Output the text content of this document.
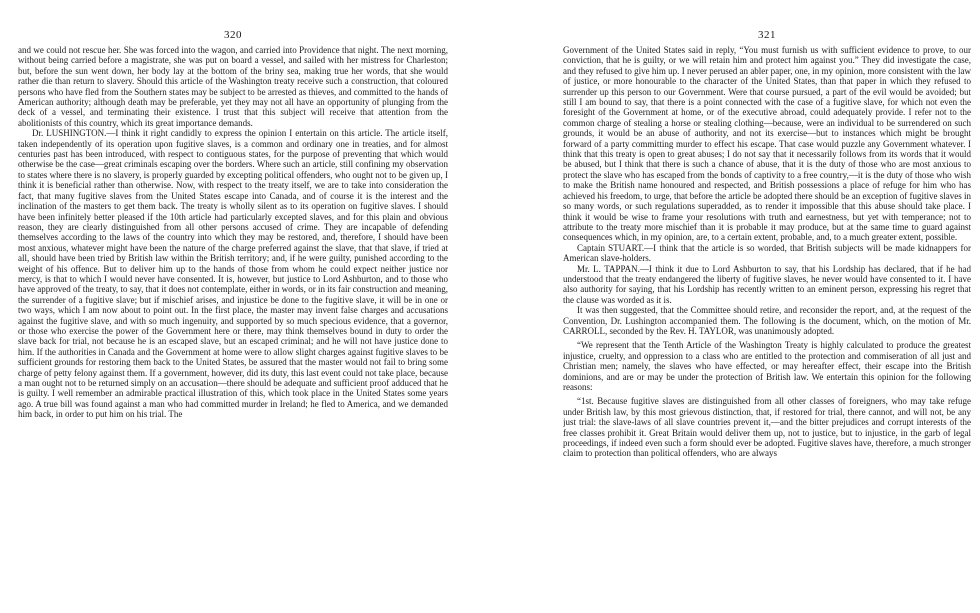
320

and we could not rescue her. She was forced into the wagon, and carried into Providence that night. The next morning, without being carried before a magistrate, she was put on board a vessel, and sailed with her mistress for Charleston; but, before the sun went down, her body lay at the bottom of the briny sea, making true her words, that she would rather die than return to slavery. Should this article of the Washington treaty receive such a construction, that coloured persons who have fled from the Southern states may be subject to be arrested as thieves, and committed to the hands of American authority; although death may be preferable, yet they may not all have an opportunity of plunging from the deck of a vessel, and terminating their existence. I trust that this subject will receive that attention from the abolitionists of this country, which its great importance demands.

Dr. LUSHINGTON.—I think it right candidly to express the opinion I entertain on this article. The article itself, taken independently of its operation upon fugitive slaves, is a common and ordinary one in treaties, and for almost centuries past has been introduced, with respect to contiguous states, for the purpose of preventing that which would otherwise be the case—great criminals escaping over the borders. Where such an article, still confining my observation to states where there is no slavery, is properly guarded by excepting political offenders, who ought not to be given up, I think it is beneficial rather than otherwise. Now, with respect to the treaty itself, we are to take into consideration the fact, that many fugitive slaves from the United States escape into Canada, and of course it is the interest and the inclination of the masters to get them back. The treaty is wholly silent as to its operation on fugitive slaves. I should have been infinitely better pleased if the 10th article had particularly excepted slaves, and for this plain and obvious reason, they are clearly distinguished from all other persons accused of crime. They are incapable of defending themselves according to the laws of the country into which they may be restored, and, therefore, I should have been most anxious, whatever might have been the nature of the charge preferred against the slave, that that slave, if tried at all, should have been tried by British law within the British territory; and, if he were guilty, punished according to the weight of his offence. But to deliver him up to the hands of those from whom he could expect neither justice nor mercy, is that to which I would never have consented. It is, however, but justice to Lord Ashburton, and to those who have approved of the treaty, to say, that it does not contemplate, either in words, or in its fair construction and meaning, the surrender of a fugitive slave; but if mischief arises, and injustice be done to the fugitive slave, it will be in one or two ways, which I am now about to point out. In the first place, the master may invent false charges and accusations against the fugitive slave, and with so much ingenuity, and supported by so much specious evidence, that a governor, or those who exercise the power of the Government here or there, may think themselves bound in duty to order the slave back for trial, not because he is an escaped slave, but an escaped criminal; and he will not have justice done to him. If the authorities in Canada and the Government at home were to allow slight charges against fugitive slaves to be sufficient grounds for restoring them back to the United States, be assured that the master would not fail to bring some charge of petty felony against them. If a government, however, did its duty, this last event could not take place, because a man ought not to be returned simply on an accusation—there should be adequate and sufficient proof adduced that he is guilty. I well remember an admirable practical illustration of this, which took place in the United States some years ago. A true bill was found against a man who had committed murder in Ireland; he fled to America, and we demanded him back, in order to put him on his trial. The

321

Government of the United States said in reply, “You must furnish us with sufficient evidence to prove, to our conviction, that he is guilty, or we will retain him and protect him against you.” They did investigate the case, and they refused to give him up. I never perused an abler paper, one, in my opinion, more consistent with the law of justice, or more honourable to the character of the United States, than that paper in which they refused to surrender up this person to our Government. Were that course pursued, a part of the evil would be avoided; but still I am bound to say, that there is a point connected with the case of a fugitive slave, for which not even the foresight of the Government at home, or of the executive abroad, could adequately provide. I refer not to the common charge of stealing a horse or stealing clothing—because, were an individual to be surrendered on such grounds, it would be an abuse of authority, and not its exercise—but to instances which might be brought forward of a party committing murder to effect his escape. That case would puzzle any Government whatever. I think that this treaty is open to great abuses; I do not say that it necessarily follows from its words that it would be abused, but I think that there is such a chance of abuse, that it is the duty of those who are most anxious to protect the slave who has escaped from the bonds of captivity to a free country,—it is the duty of those who wish to make the British name honoured and respected, and British possessions a place of refuge for him who has achieved his freedom, to urge, that before the article be adopted there should be an exception of fugitive slaves in so many words, or such regulations superadded, as to render it impossible that this abuse should take place. I think it would be wise to frame your resolutions with truth and earnestness, but yet with temperance; not to attribute to the treaty more mischief than it is probable it may produce, but at the same time to guard against consequences which, in my opinion, are, to a certain extent, probable, and, to a much greater extent, possible.

Captain STUART.—I think that the article is so worded, that British subjects will be made kidnappers for American slave-holders.

Mr. L. TAPPAN.—I think it due to Lord Ashburton to say, that his Lordship has declared, that if he had understood that the treaty endangered the liberty of fugitive slaves, he never would have consented to it. I have also authority for saying, that his Lordship has recently written to an eminent person, expressing his regret that the clause was worded as it is.

It was then suggested, that the Committee should retire, and reconsider the report, and, at the request of the Convention, Dr. Lushington accompanied them. The following is the document, which, on the motion of Mr. CARROLL, seconded by the Rev. H. TAYLOR, was unanimously adopted.

“We represent that the Tenth Article of the Washington Treaty is highly calculated to produce the greatest injustice, cruelty, and oppression to a class who are entitled to the protection and commiseration of all just and Christian men; namely, the slaves who have effected, or may hereafter effect, their escape into the British dominions, and are or may be under the protection of British law. We entertain this opinion for the following reasons:

“1st. Because fugitive slaves are distinguished from all other classes of foreigners, who may take refuge under British law, by this most grievous distinction, that, if restored for trial, there cannot, and will not, be any just trial: the slave-laws of all slave countries prevent it,—and the bitter prejudices and corrupt interests of the free classes prohibit it. Great Britain would deliver them up, not to justice, but to injustice, in the garb of legal proceedings, if indeed even such a form should ever be adopted. Fugitive slaves have, therefore, a much stronger claim to protection than political offenders, who are always
